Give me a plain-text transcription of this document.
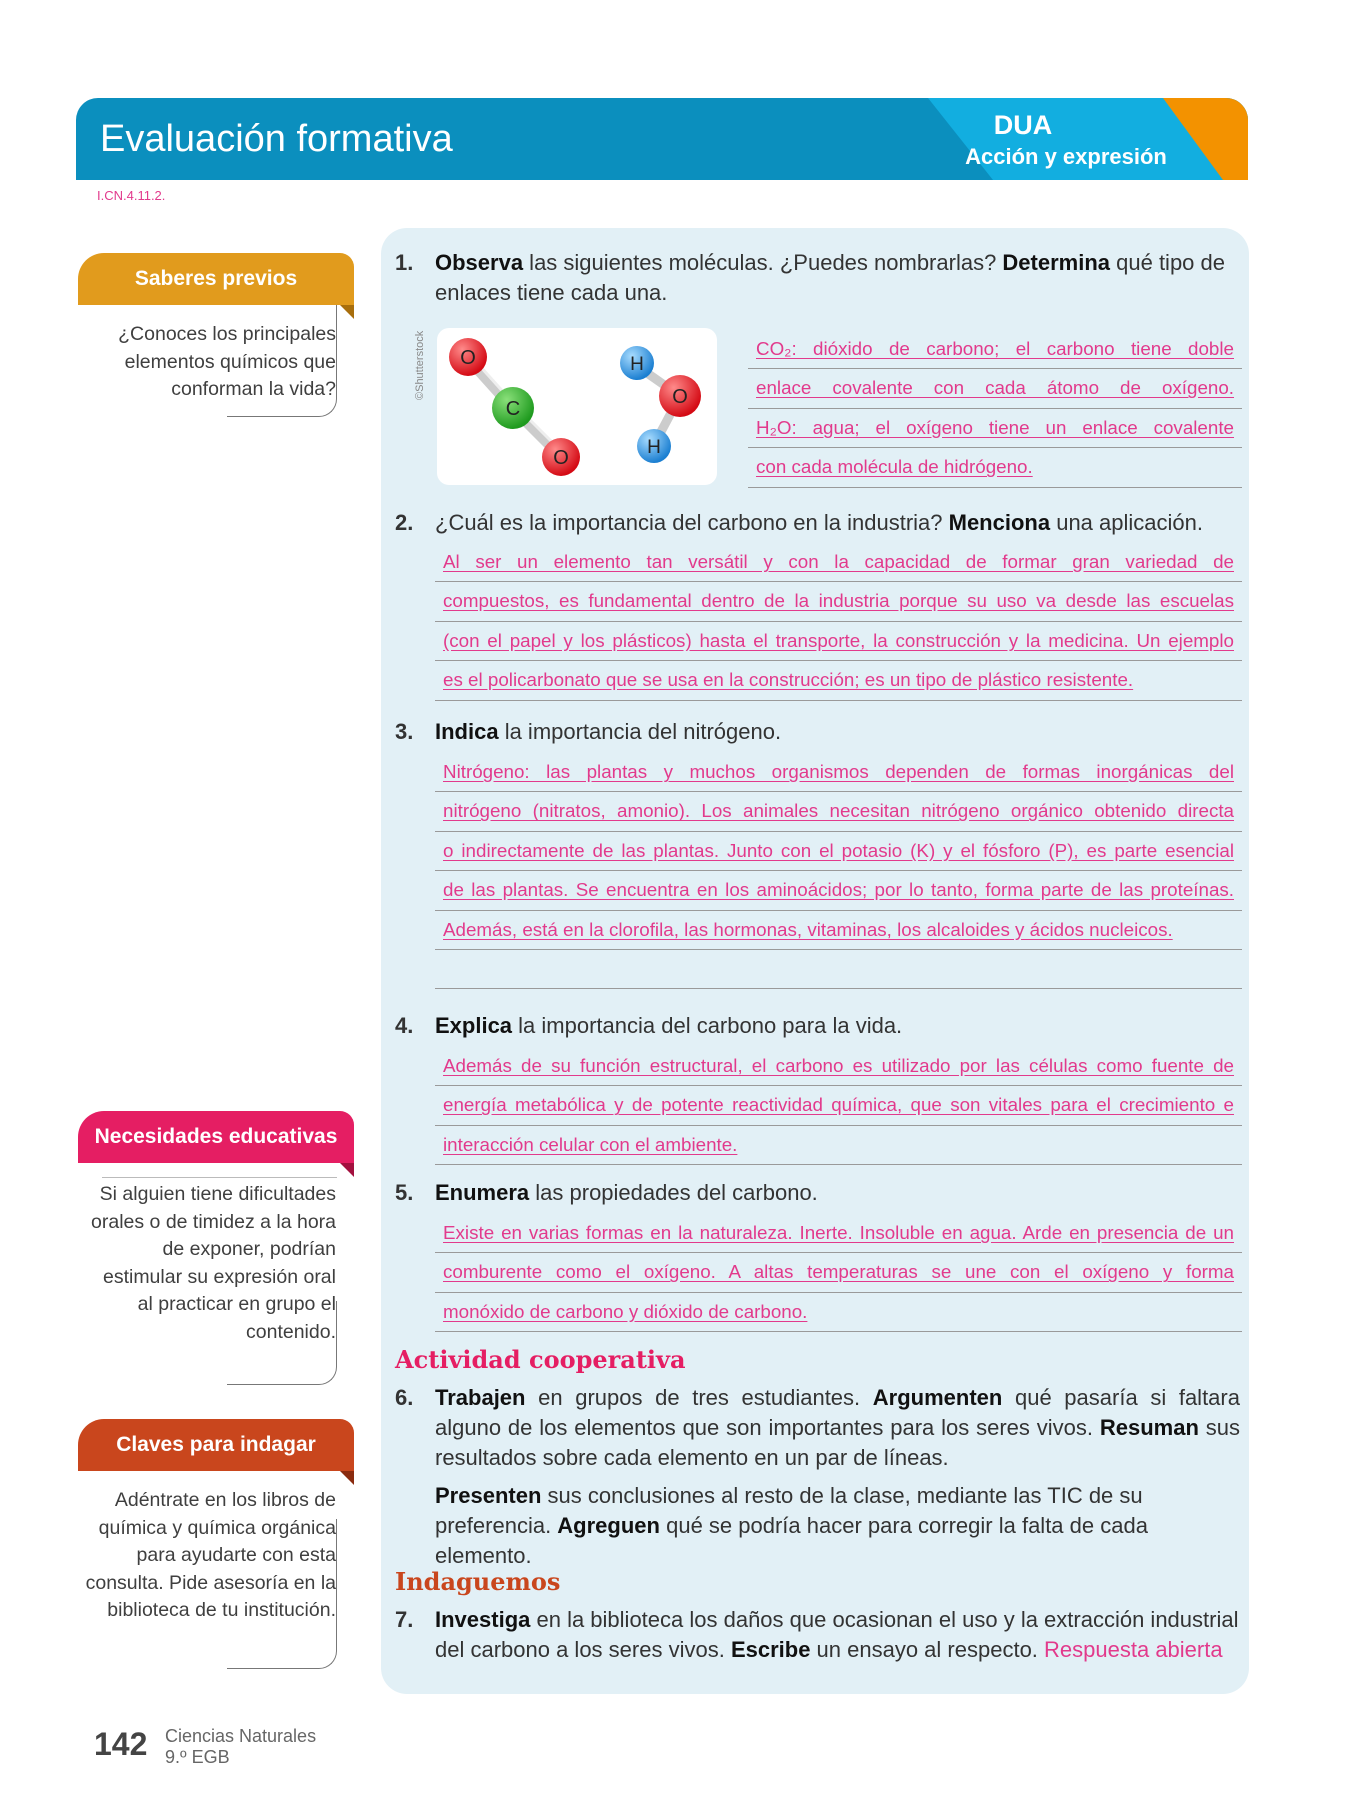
Evaluación formativa	DUA
Acción y expresión
I.CN.4.11.2.
Saberes previos
¿Conoces los principales elementos químicos que conforman la vida?
Necesidades educativas
Si alguien tiene dificultades orales o de timidez a la hora de exponer, podrían estimular su expresión oral al practicar en grupo el contenido.
Claves para indagar
Adéntrate en los libros de química y química orgánica para ayudarte con esta consulta. Pide asesoría en la biblioteca de tu institución.
1. Observa las siguientes moléculas. ¿Puedes nombrarlas? Determina qué tipo de enlaces tiene cada una.
©Shutterstock O
C
O
H
O
H
CO₂: dióxido de carbono; el carbono tiene doble
enlace covalente con cada átomo de oxígeno.
H₂O: agua; el oxígeno tiene un enlace covalente
con cada molécula de hidrógeno.
2. ¿Cuál es la importancia del carbono en la industria? Menciona una aplicación.
Al ser un elemento tan versátil y con la capacidad de formar gran variedad de
compuestos, es fundamental dentro de la industria porque su uso va desde las escuelas
(con el papel y los plásticos) hasta el transporte, la construcción y la medicina. Un ejemplo
es el policarbonato que se usa en la construcción; es un tipo de plástico resistente.
3. Indica la importancia del nitrógeno.
Nitrógeno: las plantas y muchos organismos dependen de formas inorgánicas del
nitrógeno (nitratos, amonio). Los animales necesitan nitrógeno orgánico obtenido directa
o indirectamente de las plantas. Junto con el potasio (K) y el fósforo (P), es parte esencial
de las plantas. Se encuentra en los aminoácidos; por lo tanto, forma parte de las proteínas.
Además, está en la clorofila, las hormonas, vitaminas, los alcaloides y ácidos nucleicos.
4. Explica la importancia del carbono para la vida.
Además de su función estructural, el carbono es utilizado por las células como fuente de
energía metabólica y de potente reactividad química, que son vitales para el crecimiento e
interacción celular con el ambiente.
5. Enumera las propiedades del carbono.
Existe en varias formas en la naturaleza. Inerte. Insoluble en agua. Arde en presencia de un
comburente como el oxígeno. A altas temperaturas se une con el oxígeno y forma
monóxido de carbono y dióxido de carbono.
Actividad cooperativa
6. Trabajen en grupos de tres estudiantes. Argumenten qué pasaría si faltara alguno de los elementos que son importantes para los seres vivos. Resuman sus resultados sobre cada elemento en un par de líneas.
Presenten sus conclusiones al resto de la clase, mediante las TIC de su preferencia. Agreguen qué se podría hacer para corregir la falta de cada elemento.
Indaguemos
7. Investiga en la biblioteca los daños que ocasionan el uso y la extracción industrial del carbono a los seres vivos. Escribe un ensayo al respecto. Respuesta abierta
142 Ciencias Naturales
9.º EGB
